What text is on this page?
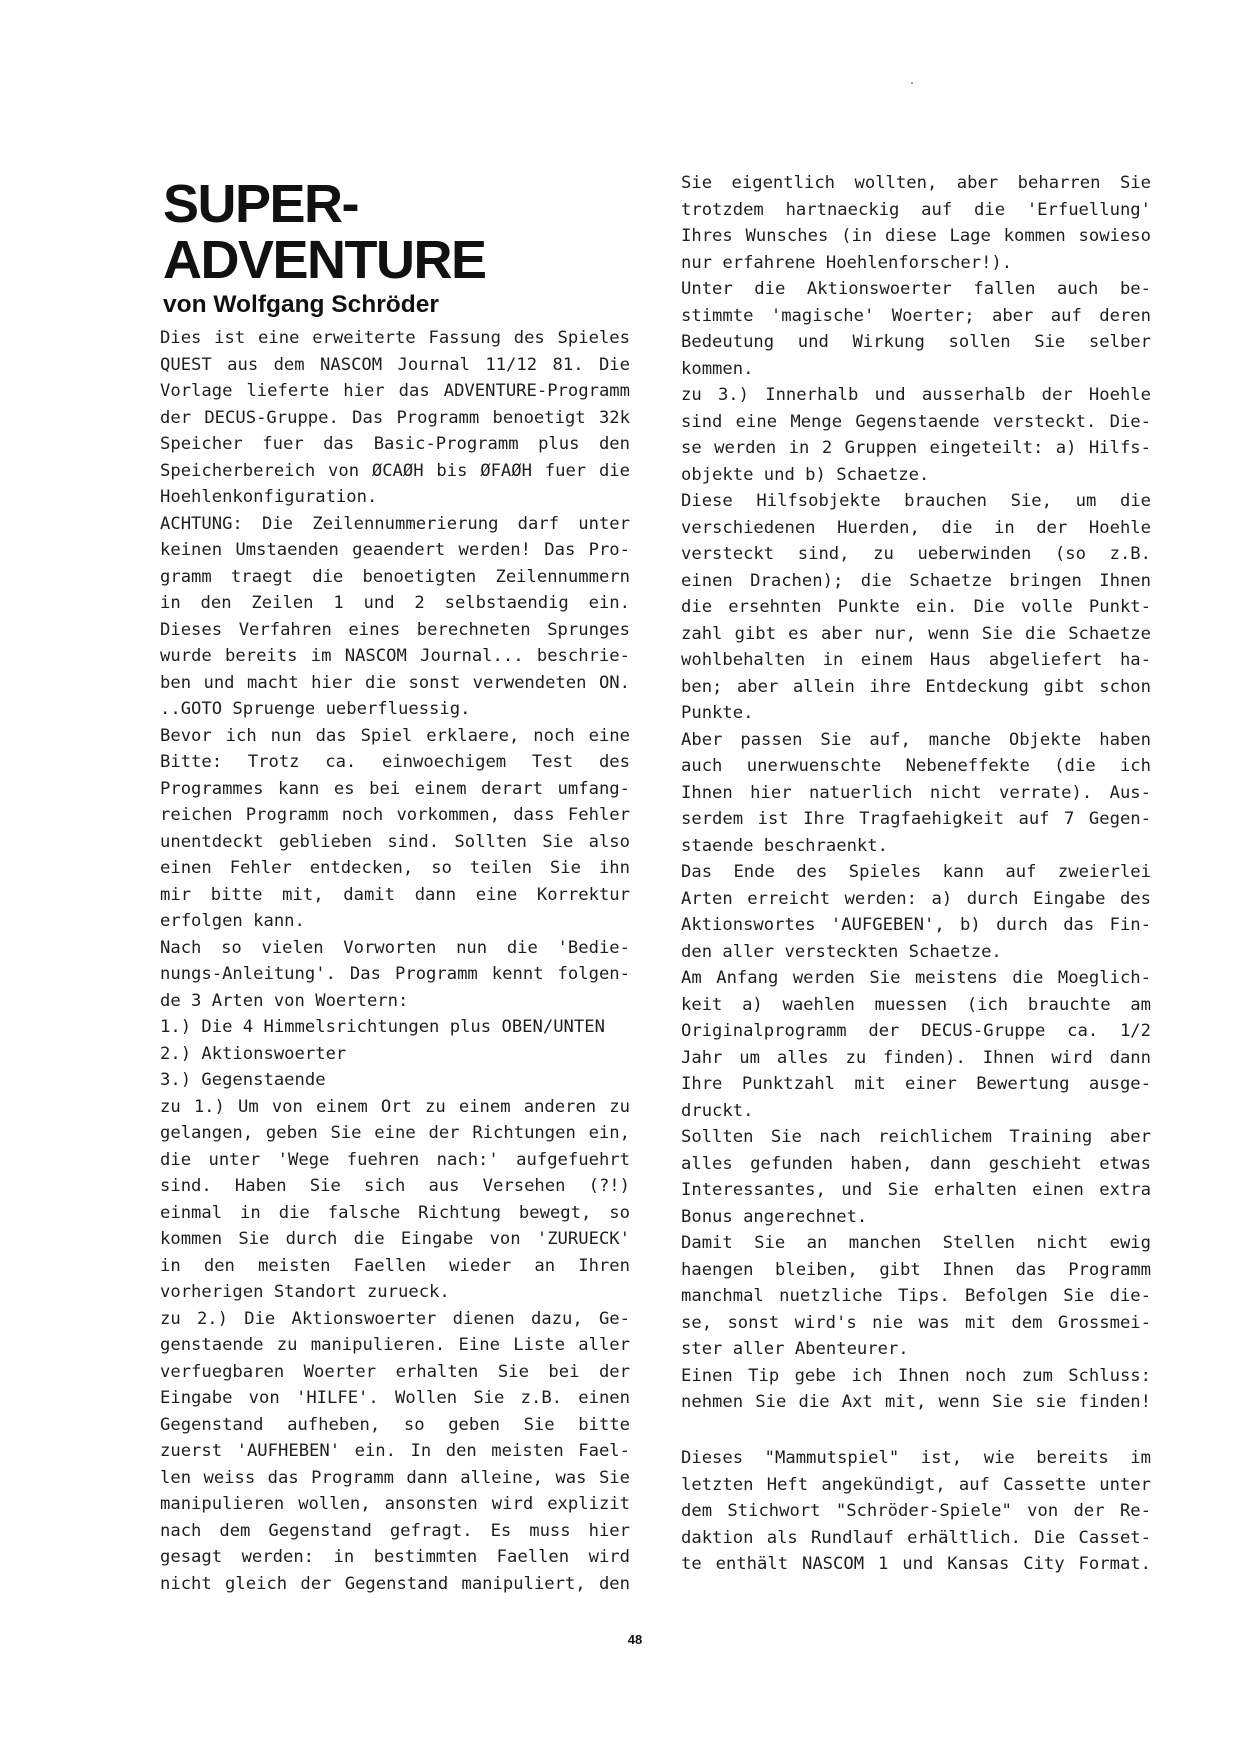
SUPER-
ADVENTURE
von Wolfgang Schröder
Dies ist eine erweiterte Fassung des Spieles
QUEST aus dem NASCOM Journal 11/12 81. Die
Vorlage lieferte hier das ADVENTURE-Programm
der DECUS-Gruppe. Das Programm benoetigt 32k
Speicher fuer das Basic-Programm plus den
Speicherbereich von ØCAØH bis ØFAØH fuer die
Hoehlenkonfiguration.
ACHTUNG: Die Zeilennummerierung darf unter
keinen Umstaenden geaendert werden! Das Pro-
gramm traegt die benoetigten Zeilennummern
in den Zeilen 1 und 2 selbstaendig ein.
Dieses Verfahren eines berechneten Sprunges
wurde bereits im NASCOM Journal... beschrie-
ben und macht hier die sonst verwendeten ON.
..GOTO Spruenge ueberfluessig.
Bevor ich nun das Spiel erklaere, noch eine
Bitte: Trotz ca. einwoechigem Test des
Programmes kann es bei einem derart umfang-
reichen Programm noch vorkommen, dass Fehler
unentdeckt geblieben sind. Sollten Sie also
einen Fehler entdecken, so teilen Sie ihn
mir bitte mit, damit dann eine Korrektur
erfolgen kann.
Nach so vielen Vorworten nun die 'Bedie-
nungs-Anleitung'. Das Programm kennt folgen-
de 3 Arten von Woertern:
1.) Die 4 Himmelsrichtungen plus OBEN/UNTEN
2.) Aktionswoerter
3.) Gegenstaende
zu 1.) Um von einem Ort zu einem anderen zu
gelangen, geben Sie eine der Richtungen ein,
die unter 'Wege fuehren nach:' aufgefuehrt
sind. Haben Sie sich aus Versehen (?!)
einmal in die falsche Richtung bewegt, so
kommen Sie durch die Eingabe von 'ZURUECK'
in den meisten Faellen wieder an Ihren
vorherigen Standort zurueck.
zu 2.) Die Aktionswoerter dienen dazu, Ge-
genstaende zu manipulieren. Eine Liste aller
verfuegbaren Woerter erhalten Sie bei der
Eingabe von 'HILFE'. Wollen Sie z.B. einen
Gegenstand aufheben, so geben Sie bitte
zuerst 'AUFHEBEN' ein. In den meisten Fael-
len weiss das Programm dann alleine, was Sie
manipulieren wollen, ansonsten wird explizit
nach dem Gegenstand gefragt. Es muss hier
gesagt werden: in bestimmten Faellen wird
nicht gleich der Gegenstand manipuliert, den
Sie eigentlich wollten, aber beharren Sie
trotzdem hartnaeckig auf die 'Erfuellung'
Ihres Wunsches (in diese Lage kommen sowieso
nur erfahrene Hoehlenforscher!).
Unter die Aktionswoerter fallen auch be-
stimmte 'magische' Woerter; aber auf deren
Bedeutung und Wirkung sollen Sie selber
kommen.
zu 3.) Innerhalb und ausserhalb der Hoehle
sind eine Menge Gegenstaende versteckt. Die-
se werden in 2 Gruppen eingeteilt: a) Hilfs-
objekte und b) Schaetze.
Diese Hilfsobjekte brauchen Sie, um die
verschiedenen Huerden, die in der Hoehle
versteckt sind, zu ueberwinden (so z.B.
einen Drachen); die Schaetze bringen Ihnen
die ersehnten Punkte ein. Die volle Punkt-
zahl gibt es aber nur, wenn Sie die Schaetze
wohlbehalten in einem Haus abgeliefert ha-
ben; aber allein ihre Entdeckung gibt schon
Punkte.
Aber passen Sie auf, manche Objekte haben
auch unerwuenschte Nebeneffekte (die ich
Ihnen hier natuerlich nicht verrate). Aus-
serdem ist Ihre Tragfaehigkeit auf 7 Gegen-
staende beschraenkt.
Das Ende des Spieles kann auf zweierlei
Arten erreicht werden: a) durch Eingabe des
Aktionswortes 'AUFGEBEN', b) durch das Fin-
den aller versteckten Schaetze.
Am Anfang werden Sie meistens die Moeglich-
keit a) waehlen muessen (ich brauchte am
Originalprogramm der DECUS-Gruppe ca. 1/2
Jahr um alles zu finden). Ihnen wird dann
Ihre Punktzahl mit einer Bewertung ausge-
druckt.
Sollten Sie nach reichlichem Training aber
alles gefunden haben, dann geschieht etwas
Interessantes, und Sie erhalten einen extra
Bonus angerechnet.
Damit Sie an manchen Stellen nicht ewig
haengen bleiben, gibt Ihnen das Programm
manchmal nuetzliche Tips. Befolgen Sie die-
se, sonst wird's nie was mit dem Grossmei-
ster aller Abenteurer.
Einen Tip gebe ich Ihnen noch zum Schluss:
nehmen Sie die Axt mit, wenn Sie sie finden!
Dieses "Mammutspiel" ist, wie bereits im
letzten Heft angekündigt, auf Cassette unter
dem Stichwort "Schröder-Spiele" von der Re-
daktion als Rundlauf erhältlich. Die Casset-
te enthält NASCOM 1 und Kansas City Format.
48
